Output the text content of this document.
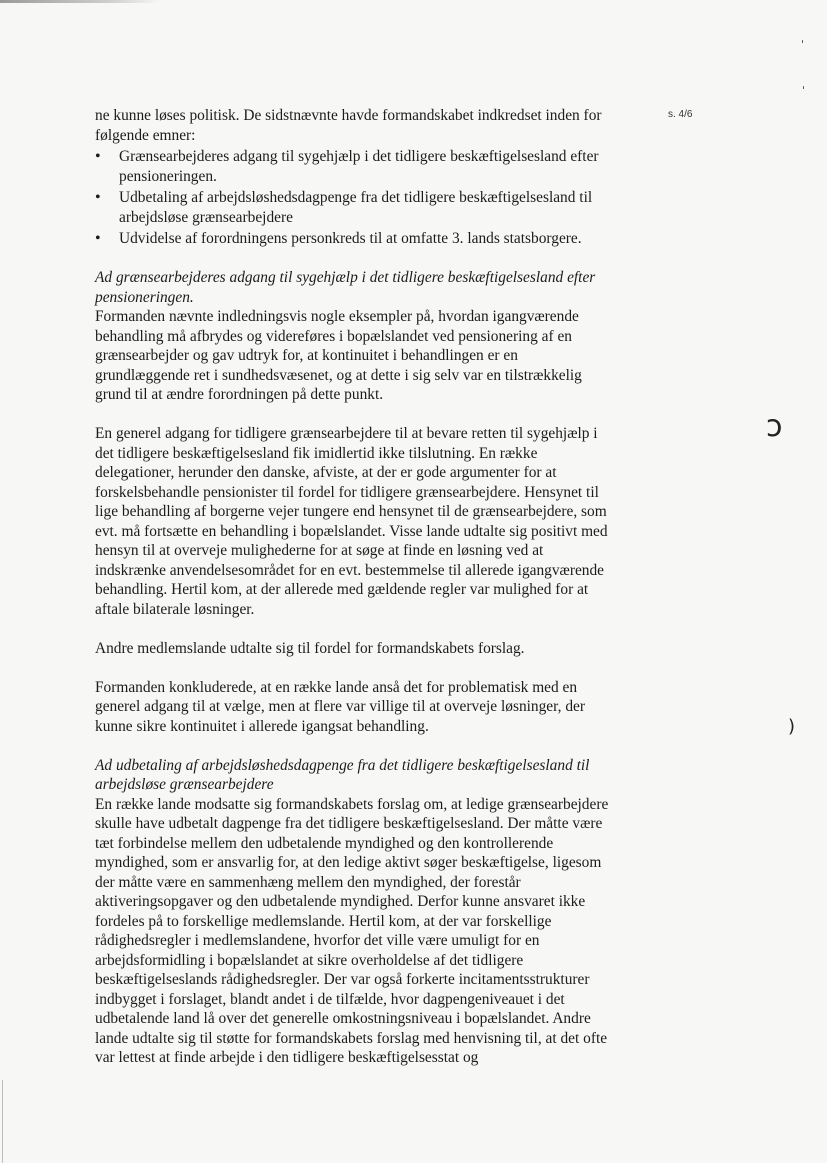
s. 4/6
ˈ
ˈ
ↄ
)

ne kunne løses politisk. De sidstnævnte havde formandskabet indkredset inden for følgende emner:

• Grænsearbejderes adgang til sygehjælp i det tidligere beskæftigelsesland efter pensioneringen.
• Udbetaling af arbejdsløshedsdagpenge fra det tidligere beskæftigelsesland til arbejdsløse grænsearbejdere
• Udvidelse af forordningens personkreds til at omfatte 3. lands statsborgere.

Ad grænsearbejderes adgang til sygehjælp i det tidligere beskæftigelsesland efter pensioneringen.

Formanden nævnte indledningsvis nogle eksempler på, hvordan igangværende behandling må afbrydes og videreføres i bopælslandet ved pensionering af en grænsearbejder og gav udtryk for, at kontinuitet i behandlingen er en grundlæggende ret i sundhedsvæsenet, og at dette i sig selv var en tilstrækkelig grund til at ændre forordningen på dette punkt.

En generel adgang for tidligere grænsearbejdere til at bevare retten til sygehjælp i det tidligere beskæftigelsesland fik imidlertid ikke tilslutning. En række delegationer, herunder den danske, afviste, at der er gode argumenter for at forskelsbehandle pensionister til fordel for tidligere grænsearbejdere. Hensynet til lige behandling af borgerne vejer tungere end hensynet til de grænsearbejdere, som evt. må fortsætte en behandling i bopælslandet. Visse lande udtalte sig positivt med hensyn til at overveje mulighederne for at søge at finde en løsning ved at indskrænke anvendelsesområdet for en evt. bestemmelse til allerede igangværende behandling. Hertil kom, at der allerede med gældende regler var mulighed for at aftale bilaterale løsninger.

Andre medlemslande udtalte sig til fordel for formandskabets forslag.

Formanden konkluderede, at en række lande anså det for problematisk med en generel adgang til at vælge, men at flere var villige til at overveje løsninger, der kunne sikre kontinuitet i allerede igangsat behandling.

Ad udbetaling af arbejdsløshedsdagpenge fra det tidligere beskæftigelsesland til arbejdsløse grænsearbejdere

En række lande modsatte sig formandskabets forslag om, at ledige grænsearbejdere skulle have udbetalt dagpenge fra det tidligere beskæftigelsesland. Der måtte være tæt forbindelse mellem den udbetalende myndighed og den kontrollerende myndighed, som er ansvarlig for, at den ledige aktivt søger beskæftigelse, ligesom der måtte være en sammenhæng mellem den myndighed, der forestår aktiveringsopgaver og den udbetalende myndighed. Derfor kunne ansvaret ikke fordeles på to forskellige medlemslande. Hertil kom, at der var forskellige rådighedsregler i medlemslandene, hvorfor det ville være umuligt for en arbejdsformidling i bopælslandet at sikre overholdelse af det tidligere beskæftigelseslands rådighedsregler. Der var også forkerte incitamentsstrukturer indbygget i forslaget, blandt andet i de tilfælde, hvor dagpengeniveauet i det udbetalende land lå over det generelle omkostningsniveau i bopælslandet. Andre lande udtalte sig til støtte for formandskabets forslag med henvisning til, at det ofte var lettest at finde arbejde i den tidligere beskæftigelsesstat og
